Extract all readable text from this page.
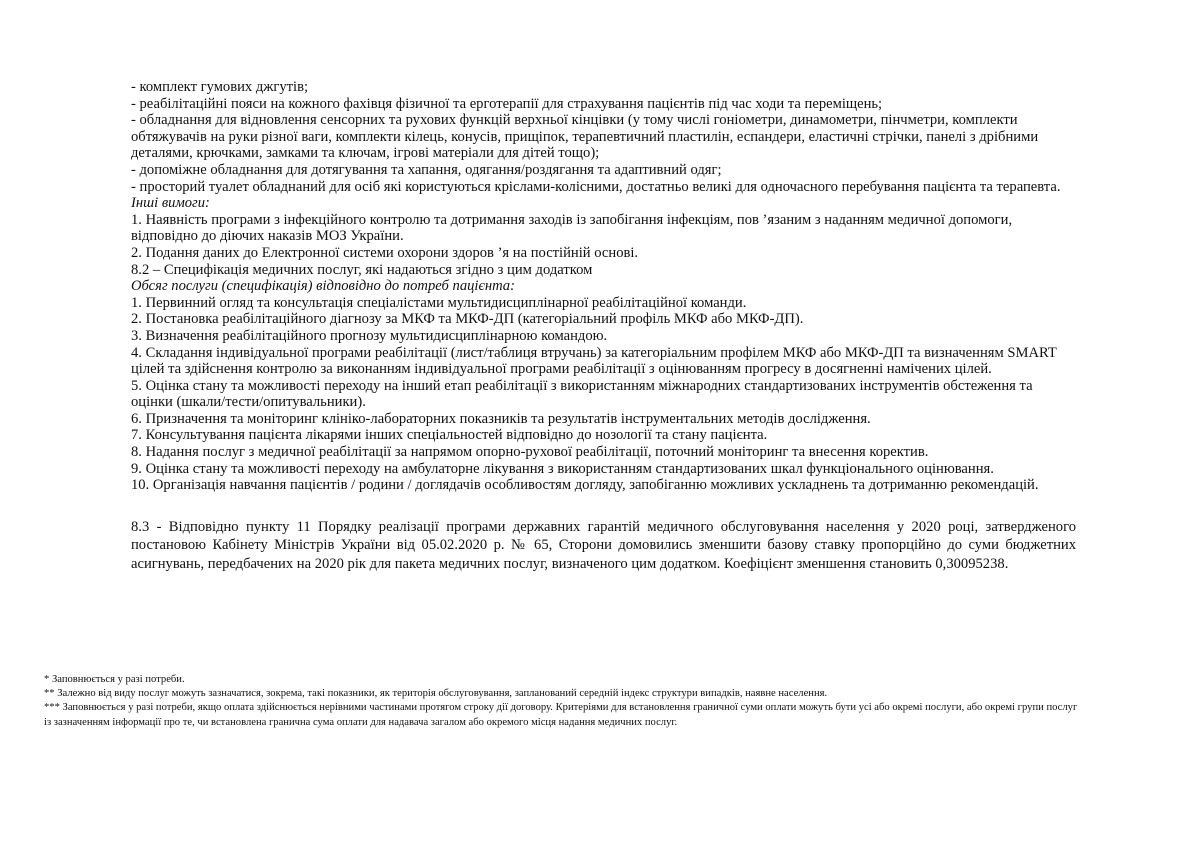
- комплект гумових джгутів;

- реабілітаційні пояси на кожного фахівця фізичної та ерготерапії для страхування пацієнтів під час ходи та переміщень;

- обладнання для відновлення сенсорних та рухових функцій верхньої кінцівки (у тому числі гоніометри, динамометри, пінчметри, комплекти обтяжувачів на руки різної ваги, комплекти кілець, конусів, прищіпок, терапевтичний пластилін, еспандери, еластичні стрічки, панелі з дрібними деталями, крючками, замками та ключам, ігрові матеріали для дітей тощо);

- допоміжне обладнання для дотягування та хапання, одягання/роздягання та адаптивний одяг;

- просторий туалет обладнаний для осіб які користуються кріслами-колісними, достатньо великі для одночасного перебування пацієнта та терапевта.

Інші вимоги:

1. Наявність програми з інфекційного контролю та дотримання заходів із запобігання інфекціям, пов ’язаним з наданням медичної допомоги, відповідно до діючих наказів МОЗ України.

2. Подання даних до Електронної системи охорони здоров ’я на постійній основі.

8.2 – Специфікація медичних послуг, які надаються згідно з цим додатком

Обсяг послуги (специфікація) відповідно до потреб пацієнта:

1. Первинний огляд та консультація спеціалістами мультидисциплінарної реабілітаційної команди.

2. Постановка реабілітаційного діагнозу за МКФ та МКФ-ДП (категоріальний профіль МКФ або МКФ-ДП).

3. Визначення реабілітаційного прогнозу мультидисциплінарною командою.

4. Складання індивідуальної програми реабілітації (лист/таблиця втручань) за категоріальним профілем МКФ або МКФ-ДП та визначенням SMART цілей та здійснення контролю за виконанням індивідуальної програми реабілітації з оцінюванням прогресу в досягненні намічених цілей.

5. Оцінка стану та можливості переходу на інший етап реабілітації з використанням міжнародних стандартизованих інструментів обстеження та оцінки (шкали/тести/опитувальники).

6. Призначення та моніторинг клініко-лабораторних показників та результатів інструментальних методів дослідження.

7. Консультування пацієнта лікарями інших спеціальностей відповідно до нозології та стану пацієнта.

8. Надання послуг з медичної реабілітації за напрямом опорно-рухової реабілітації, поточний моніторинг та внесення коректив.

9. Оцінка стану та можливості переходу на амбулаторне лікування з використанням стандартизованих шкал функціонального оцінювання.

10. Організація навчання пацієнтів / родини / доглядачів особливостям догляду, запобіганню можливих ускладнень та дотриманню рекомендацій.

8.3 - Відповідно пункту 11 Порядку реалізації програми державних гарантій медичного обслуговування населення у 2020 році, затвердженого постановою Кабінету Міністрів України від 05.02.2020 р. № 65, Сторони домовились зменшити базову ставку пропорційно до суми бюджетних асигнувань, передбачених на 2020 рік для пакета медичних послуг, визначеного цим додатком. Коефіцієнт зменшення становить 0,30095238.

* Заповнюється у разі потреби.

** Залежно від виду послуг можуть зазначатися, зокрема, такі показники, як територія обслуговування, запланований середній індекс структури випадків, наявне населення.

*** Заповнюється у разі потреби, якщо оплата здійснюється нерівними частинами протягом строку дії договору. Критеріями для встановлення граничної суми оплати можуть бути усі або окремі послуги, або окремі групи послуг із зазначенням інформації про те, чи встановлена гранична сума оплати для надавача загалом або окремого місця надання медичних послуг.
